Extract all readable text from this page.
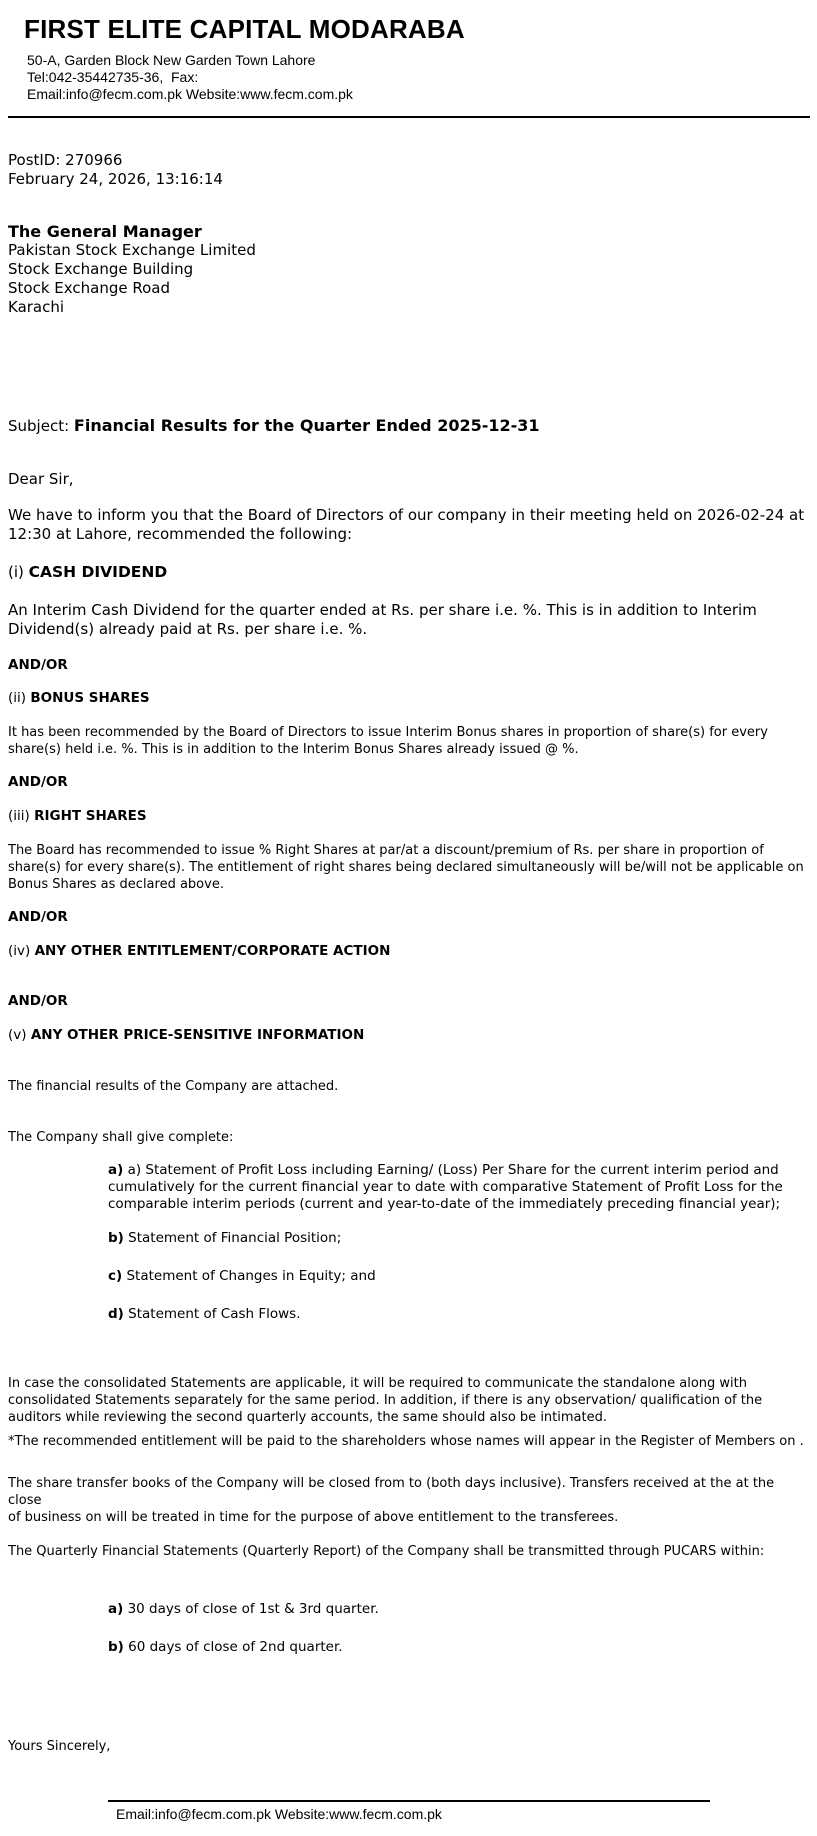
FIRST ELITE CAPITAL MODARABA
50-A, Garden Block New Garden Town Lahore
Tel:042-35442735-36,  Fax:
Email:info@fecm.com.pk Website:www.fecm.com.pk
PostID: 270966
February 24, 2026, 13:16:14
The General Manager
Pakistan Stock Exchange Limited
Stock Exchange Building
Stock Exchange Road
Karachi
Subject: Financial Results for the Quarter Ended 2025-12-31
Dear Sir,
We have to inform you that the Board of Directors of our company in their meeting held on 2026-02-24 at 12:30 at Lahore, recommended the following:
(i) CASH DIVIDEND
An Interim Cash Dividend for the quarter ended at Rs. per share i.e. %. This is in addition to Interim Dividend(s) already paid at Rs. per share i.e. %.
AND/OR
(ii) BONUS SHARES
It has been recommended by the Board of Directors to issue Interim Bonus shares in proportion of share(s) for every share(s) held i.e. %. This is in addition to the Interim Bonus Shares already issued @ %.
AND/OR
(iii) RIGHT SHARES
The Board has recommended to issue % Right Shares at par/at a discount/premium of Rs. per share in proportion of share(s) for every share(s). The entitlement of right shares being declared simultaneously will be/will not be applicable on Bonus Shares as declared above.
AND/OR
(iv) ANY OTHER ENTITLEMENT/CORPORATE ACTION
AND/OR
(v) ANY OTHER PRICE-SENSITIVE INFORMATION
The financial results of the Company are attached.
The Company shall give complete:
a) a) Statement of Profit Loss including Earning/ (Loss) Per Share for the current interim period and cumulatively for the current financial year to date with comparative Statement of Profit Loss for the comparable interim periods (current and year-to-date of the immediately preceding financial year);
b) Statement of Financial Position;
c) Statement of Changes in Equity; and
d) Statement of Cash Flows.
In case the consolidated Statements are applicable, it will be required to communicate the standalone along with consolidated Statements separately for the same period. In addition, if there is any observation/ qualification of the auditors while reviewing the second quarterly accounts, the same should also be intimated.
*The recommended entitlement will be paid to the shareholders whose names will appear in the Register of Members on .
The share transfer books of the Company will be closed from to (both days inclusive). Transfers received at the at the close
of business on will be treated in time for the purpose of above entitlement to the transferees.
The Quarterly Financial Statements (Quarterly Report) of the Company shall be transmitted through PUCARS within:
a) 30 days of close of 1st & 3rd quarter.
b) 60 days of close of 2nd quarter.
Yours Sincerely,
Email:info@fecm.com.pk Website:www.fecm.com.pk
